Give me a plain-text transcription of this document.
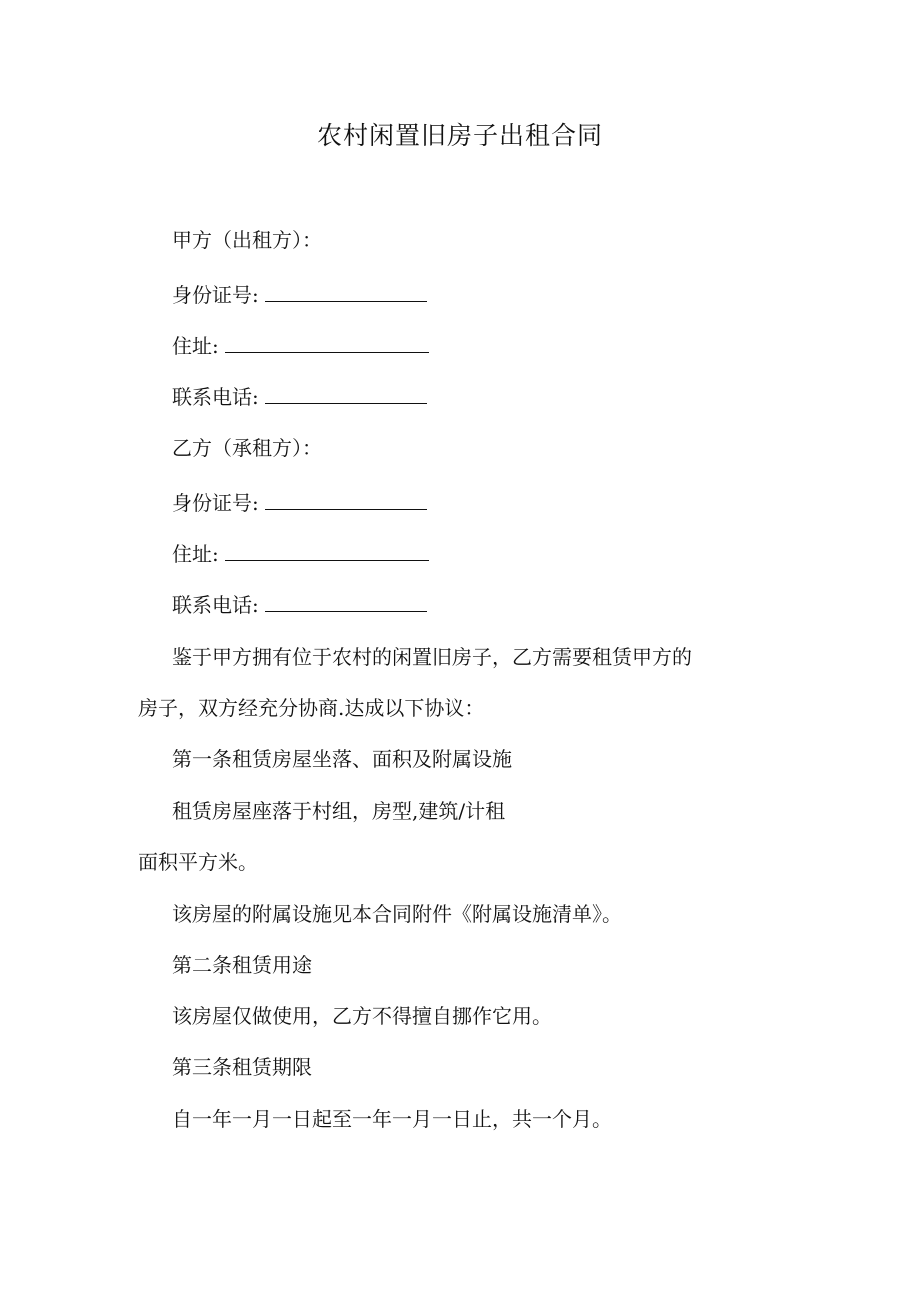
农村闲置旧房子出租合同
甲方（出租方）：
身份证号:
住址:
联系电话:
乙方（承租方）：
身份证号:
住址:
联系电话:
鉴于甲方拥有位于农村的闲置旧房子，乙方需要租赁甲方的
房子，双方经充分协商.达成以下协议：
第一条租赁房屋坐落、面积及附属设施
租赁房屋座落于村组，房型,建筑/计租
面积平方米。
该房屋的附属设施见本合同附件《附属设施清单》。
第二条租赁用途
该房屋仅做使用，乙方不得擅自挪作它用。
第三条租赁期限
自一年一月一日起至一年一月一日止，共一个月。
